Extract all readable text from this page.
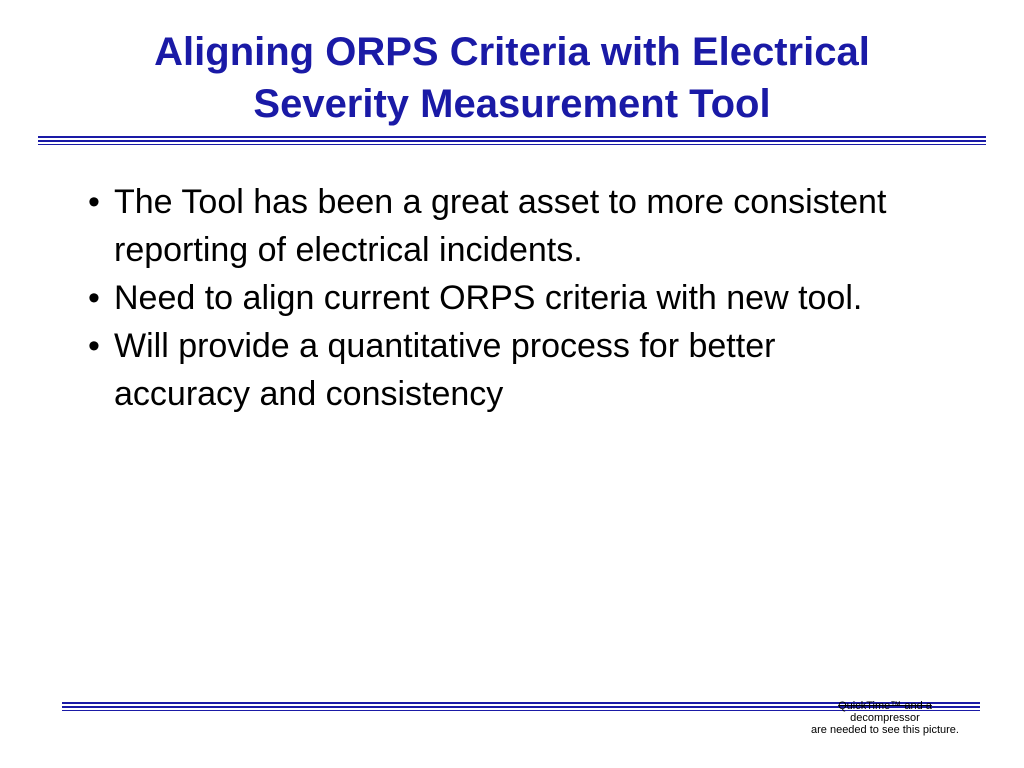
Aligning ORPS Criteria with Electrical
Severity Measurement Tool
• The Tool has been a great asset to more consistent reporting of electrical incidents.
• Need to align current ORPS criteria with new tool.
• Will provide a quantitative process for better accuracy and consistency
QuickTime™ and a
decompressor
are needed to see this picture.
